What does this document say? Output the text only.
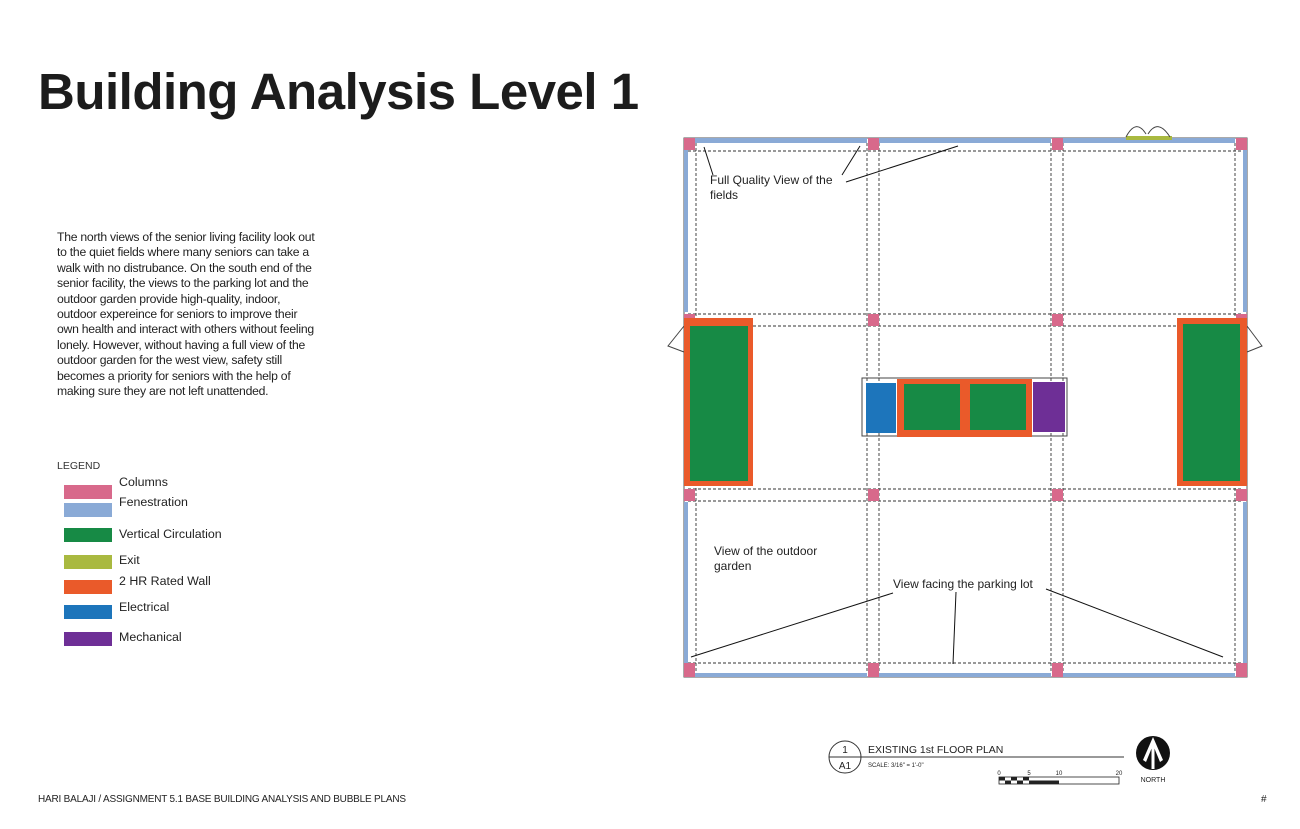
Building Analysis Level 1
The north views of the senior living facility look out to the quiet fields where many seniors can take a walk with no distrubance. On the south end of the senior facility, the views to the parking lot and the outdoor garden provide high-quality, indoor, outdoor expereince for seniors to improve their own health and interact with others without feeling lonely. However, without having a full view of the outdoor garden for the west view, safety still becomes a priority for seniors with the help of making sure they are not left unattended.
LEGEND
Columns
Fenestration
Vertical Circulation
Exit
2 HR Rated Wall
Electrical
Mechanical
Full Quality View of the
fields
View of the outdoor
garden
View facing the parking lot
1
A1
EXISTING 1st FLOOR PLAN
SCALE: 3/16" = 1'-0"
0	5	10	20
NORTH
HARI BALAJI / ASSIGNMENT 5.1 BASE BUILDING ANALYSIS AND BUBBLE PLANS	#
